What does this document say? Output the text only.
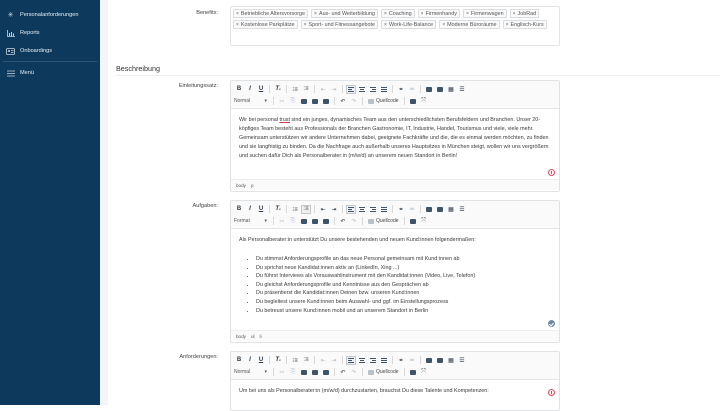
✳ Personalanforderungen
Reports
Onboardings
Menü
Benefits:	× Betriebliche Altersvorsorge	× Aus- und Weiterbildung	× Coaching	× Firmenhandy	× Firmenwagen	× JobRad
× Kostenlose Parkplätze	× Sport- und Fitnessangebote	× Work-Life-Balance	× Moderne Büroräume	× Englisch-Kurs
Beschreibung
Einleitungssatz:	B	I	U	T x	⁝≡ :≡	⇤ ⇥	⚭ ⚮	▦ ☰
Normal	▾	✂	⎘	↶ ↷	Quellcode	⤧

Wir bei personal trust sind ein junges, dynamisches Team aus den unterschiedlichsten Berufsfeldern und Branchen. Unser 20-köpfiges Team besteht aus Professionals der Branchen Gastronomie, IT, Industrie, Handel, Tourismus und viele, viele mehr. Gemeinsam unterstützen wir andere Unternehmen dabei, geeignete Fachkräfte und die, die es einmal werden möchten, zu finden und sie langfristig zu binden. Da die Nachfrage auch außerhalb unseres Hauptsitzes in München steigt, wollen wir uns vergrößern und suchen dafür Dich als Personalberater:in (m/w/d) an unserem neuen Standort in Berlin!

body p
Aufgaben:	B	I	U	T x	⁝≡ :≡	⇤ ⇥	⚭ ⚮	▦ ☰
Format	▾	✂	⎘	↶ ↷	Quellcode	⤧

Als Personalberater:in unterstützt Du unsere bestehenden und neuen Kund:innen folgendermaßen:

• Du stimmst Anforderungsprofile an das neue Personal gemeinsam mit Kund:innen ab
• Du sprichst neue Kandidat:innen aktiv an (LinkedIn, Xing ...)
• Du führst Interviews als Vorauswahlinstrument mit den Kandidat:innen (Video, Live, Telefon)
• Du gleichst Anforderungsprofile und Kenntnisse aus den Gesprächen ab
• Du präsentierst die Kandidat:innen Deinen bzw. unseren Kund:innen
• Du begleitest unsere Kund:innen beim Auswahl- und ggf. im Einstellungsprozess
• Du betreust unsere Kund:innen mobil und an unserem Standort in Berlin
body ul li
Anforderungen:	B	I	U	T x	⁝≡ :≡	⇤ ⇥	⚭ ⚮	▦ ☰
Normal	▾	✂	⎘	↶ ↷	Quellcode	⤧

Um bei uns als Personalberater:in (m/w/d) durchzustarten, brauchst Du diese Talente und Kompetenzen:
